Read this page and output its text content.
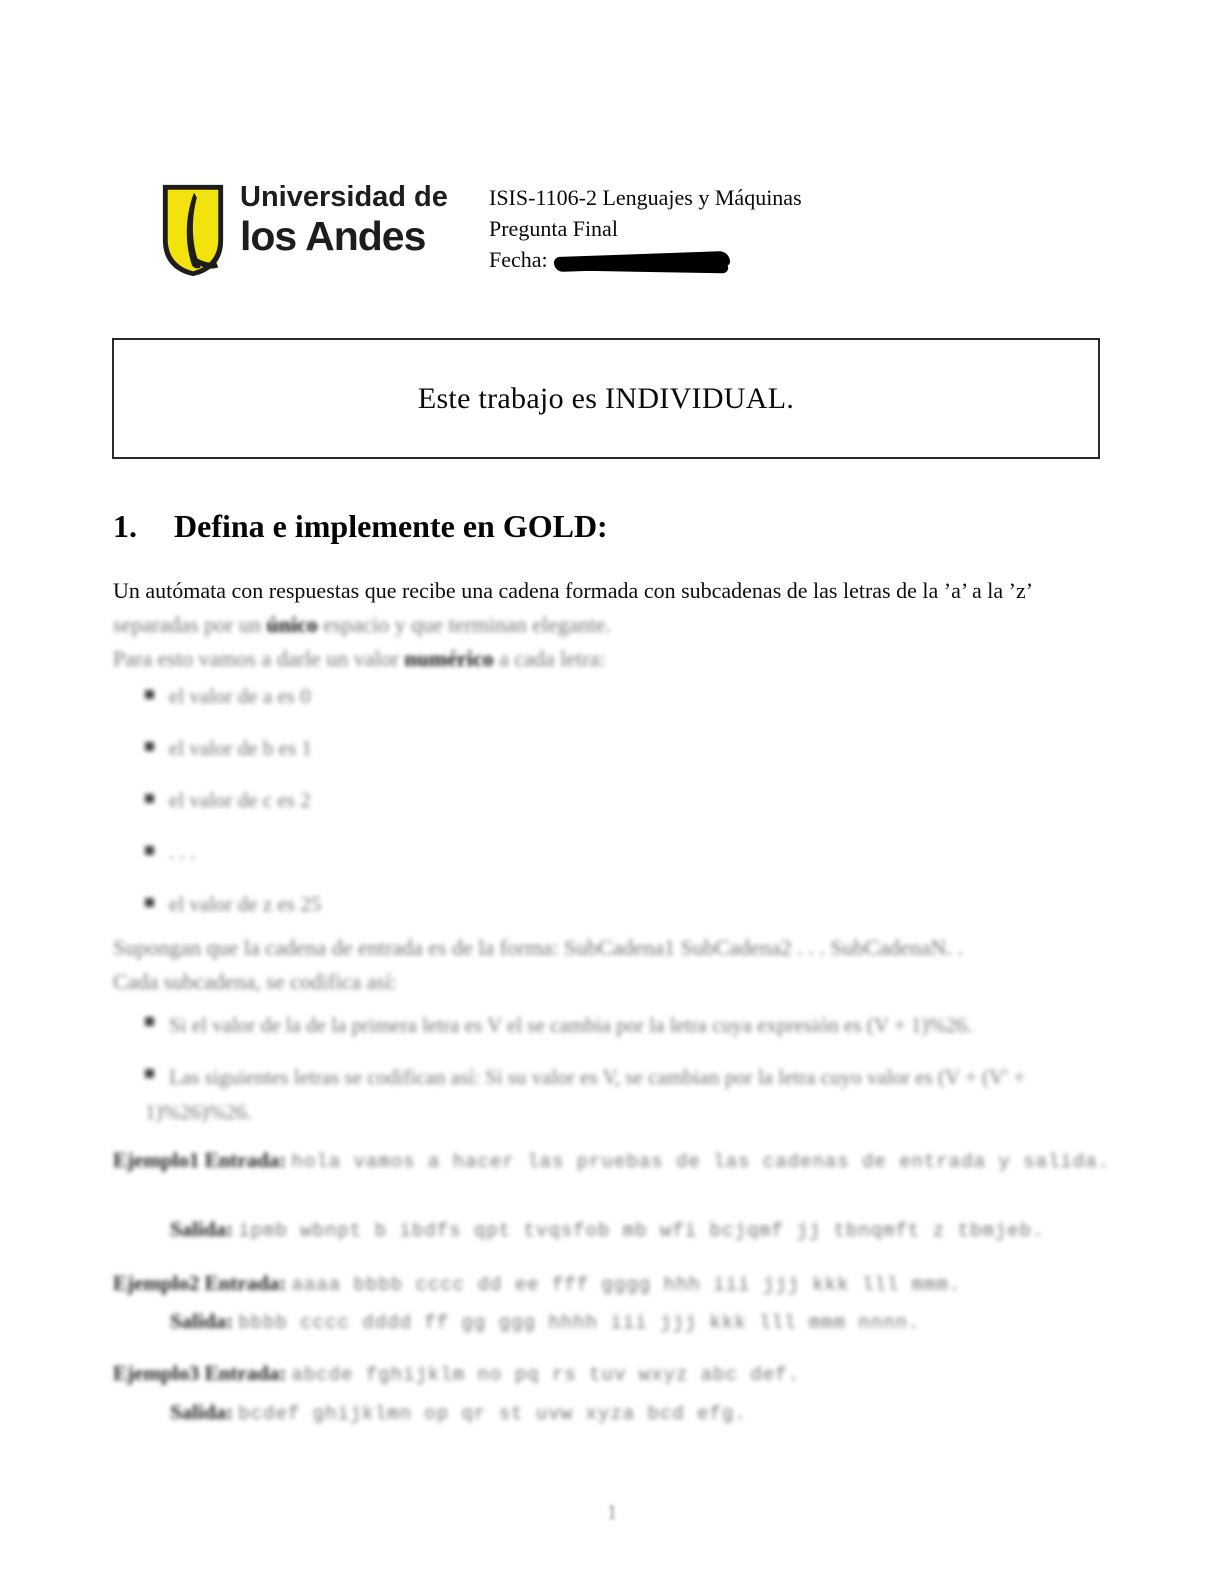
Universidad de
los Andes
ISIS-1106-2 Lenguajes y Máquinas
Pregunta Final
Fecha:
Este trabajo es INDIVIDUAL.
1. Defina e implemente en GOLD:
Un autómata con respuestas que recibe una cadena formada con subcadenas de las letras de la ’a’ a la ’z’
separadas por un único espacio y que terminan elegante.
Para esto vamos a darle un valor numérico a cada letra:
el valor de a es 0
el valor de b es 1
el valor de c es 2
. . .
el valor de z es 25
Supongan que la cadena de entrada es de la forma: SubCadena1 SubCadena2 . . . SubCadenaN. .
Cada subcadena, se codifica así:
Si el valor de la de la primera letra es V el se cambia por la letra cuya expresión es (V + 1)%26.
Las siguientes letras se codifican así: Si su valor es V, se cambian por la letra cuyo valor es (V + (V' + 1)%26)%26.
Ejemplo1 Entrada: hola vamos a hacer las pruebas de las cadenas de entrada y salida.
Salida: ipmb wbnpt b ibdfs qpt tvqsfob mb wfi bcjqmf jj tbnqmft z tbmjeb.
Ejemplo2 Entrada: aaaa bbbb cccc dd ee fff gggg hhh iii jjj kkk lll mmm.
Salida: bbbb cccc dddd ff gg ggg hhhh iii jjj kkk lll mmm nnnn.
Ejemplo3 Entrada: abcde fghijklm no pq rs tuv wxyz abc def.
Salida: bcdef ghijklmn op qr st uvw xyza bcd efg.
1
